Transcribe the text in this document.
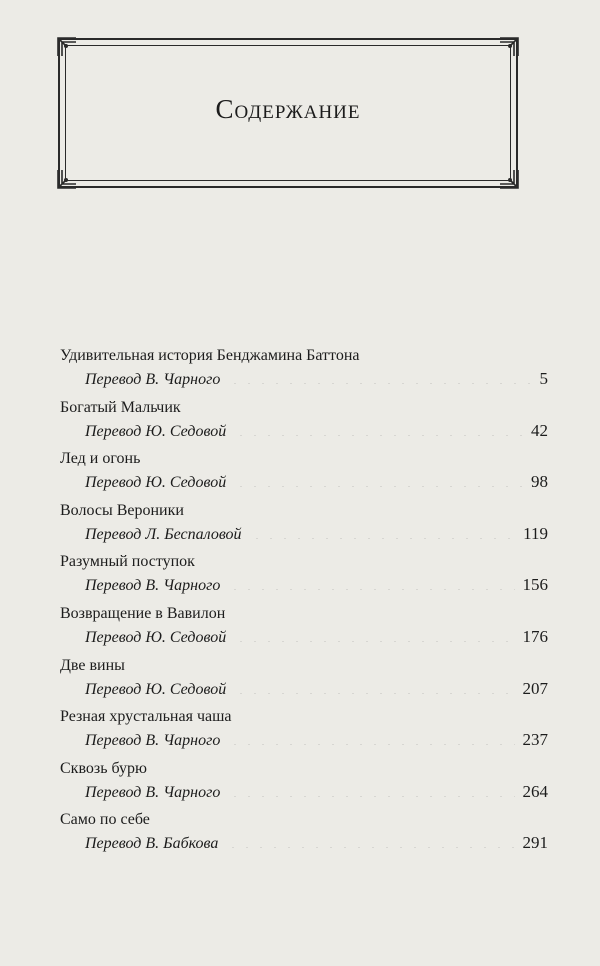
Содержание
Удивительная история Бенджамина Баттона
Перевод В. Чарного	5
Богатый Мальчик
Перевод Ю. Седовой	42
Лед и огонь
Перевод Ю. Седовой	98
Волосы Вероники
Перевод Л. Беспаловой	119
Разумный поступок
Перевод В. Чарного	156
Возвращение в Вавилон
Перевод Ю. Седовой	176
Две вины
Перевод Ю. Седовой	207
Резная хрустальная чаша
Перевод В. Чарного	237
Сквозь бурю
Перевод В. Чарного	264
Само по себе
Перевод В. Бабкова	291
